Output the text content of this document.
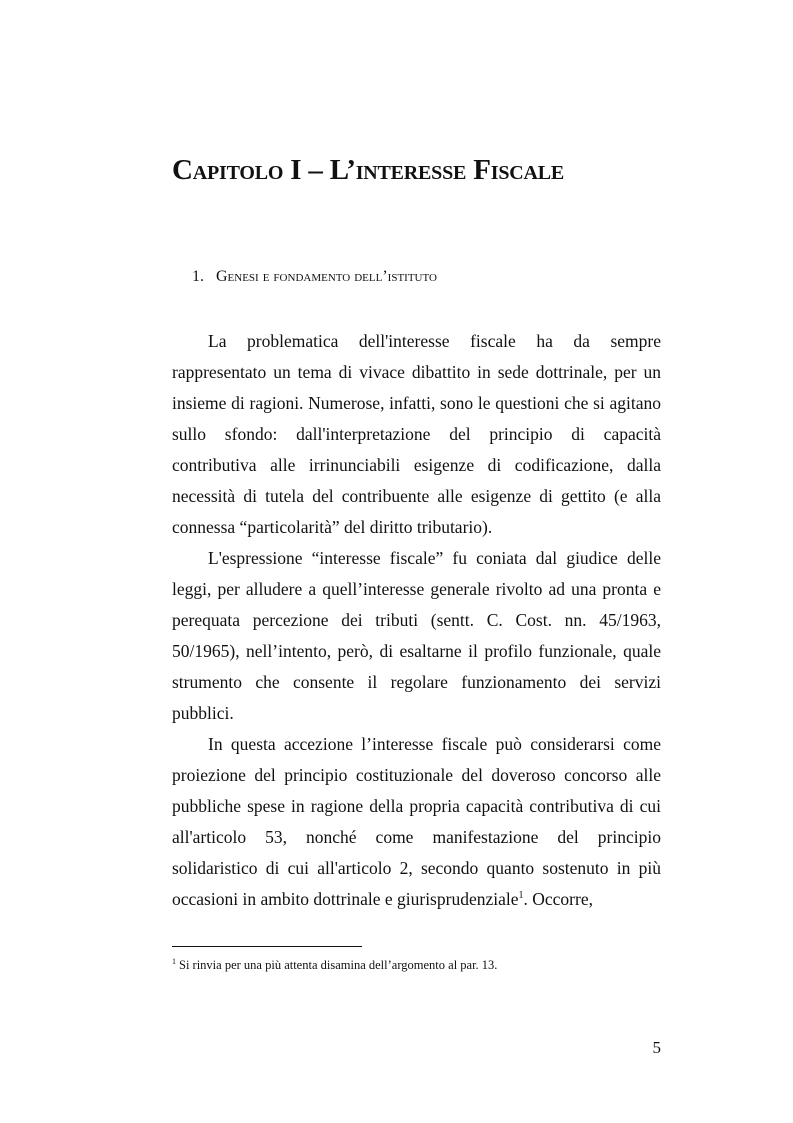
Capitolo I – L’interesse Fiscale
1. Genesi e fondamento dell’istituto

La problematica dell'interesse fiscale ha da sempre rappresentato un tema di vivace dibattito in sede dottrinale, per un insieme di ragioni. Numerose, infatti, sono le questioni che si agitano sullo sfondo: dall'interpretazione del principio di capacità contributiva alle irrinunciabili esigenze di codificazione, dalla necessità di tutela del contribuente alle esigenze di gettito (e alla connessa “particolarità” del diritto tributario).

L'espressione “interesse fiscale” fu coniata dal giudice delle leggi, per alludere a quell’interesse generale rivolto ad una pronta e perequata percezione dei tributi (sentt. C. Cost. nn. 45/1963, 50/1965), nell’intento, però, di esaltarne il profilo funzionale, quale strumento che consente il regolare funzionamento dei servizi pubblici.

In questa accezione l’interesse fiscale può considerarsi come proiezione del principio costituzionale del doveroso concorso alle pubbliche spese in ragione della propria capacità contributiva di cui all'articolo 53, nonché come manifestazione del principio solidaristico di cui all'articolo 2, secondo quanto sostenuto in più occasioni in ambito dottrinale e giurisprudenziale$^1$. Occorre,

$^1$ Si rinvia per una più attenta disamina dell’argomento al par. 13.

5
